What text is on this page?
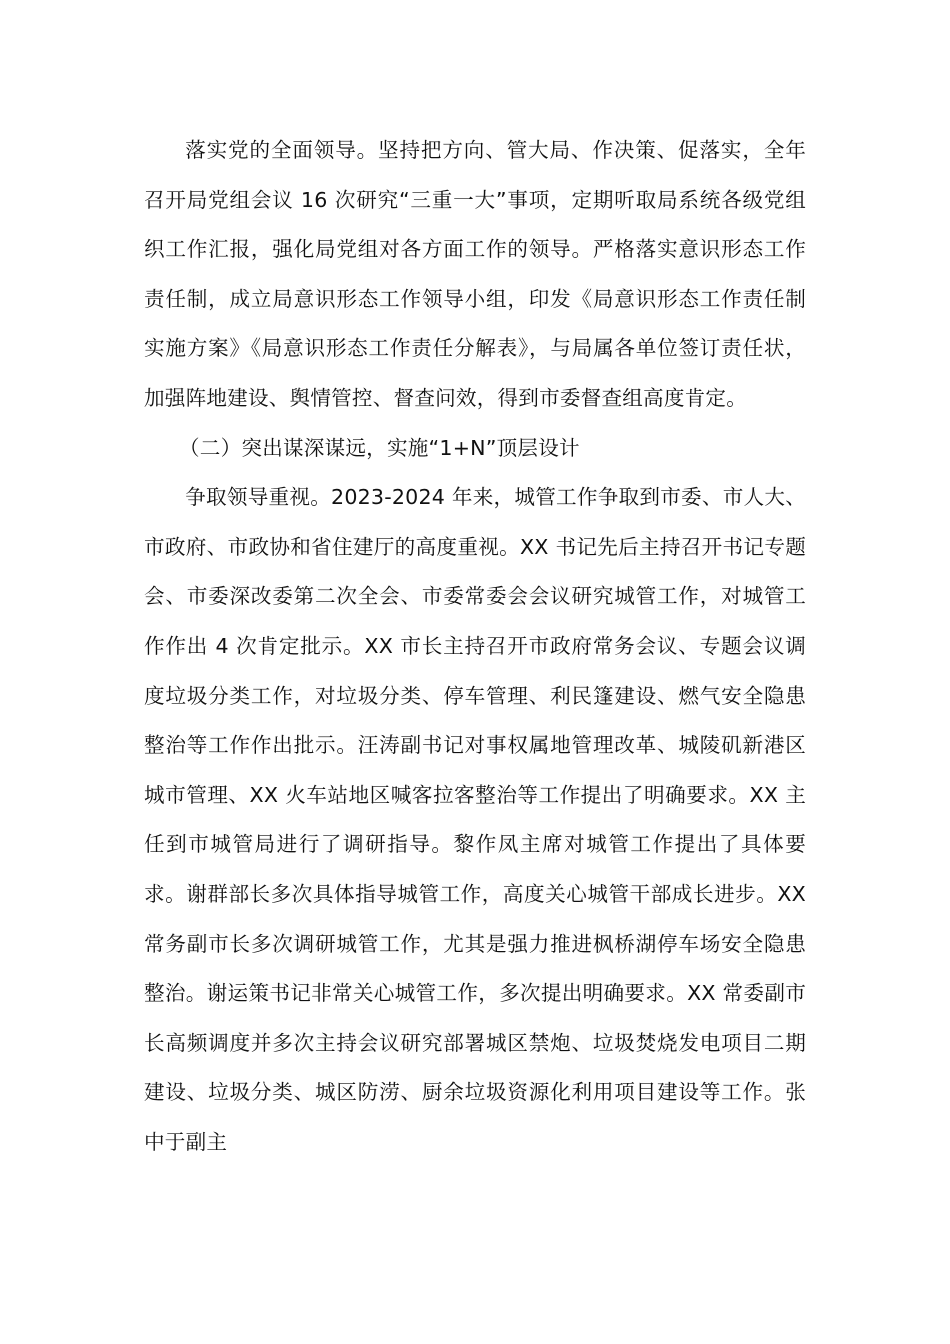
落实党的全面领导。坚持把方向、管大局、作决策、促落实，全年召开局党组会议 16 次研究“三重一大”事项，定期听取局系统各级党组织工作汇报，强化局党组对各方面工作的领导。严格落实意识形态工作责任制，成立局意识形态工作领导小组，印发《局意识形态工作责任制实施方案》《局意识形态工作责任分解表》，与局属各单位签订责任状，加强阵地建设、舆情管控、督查问效，得到市委督查组高度肯定。

（二）突出谋深谋远，实施“1+N”顶层设计

争取领导重视。2023-2024 年来，城管工作争取到市委、市人大、市政府、市政协和省住建厅的高度重视。XX 书记先后主持召开书记专题会、市委深改委第二次全会、市委常委会会议研究城管工作，对城管工作作出 4 次肯定批示。XX 市长主持召开市政府常务会议、专题会议调度垃圾分类工作，对垃圾分类、停车管理、利民篷建设、燃气安全隐患整治等工作作出批示。汪涛副书记对事权属地管理改革、城陵矶新港区城市管理、XX 火车站地区喊客拉客整治等工作提出了明确要求。XX 主任到市城管局进行了调研指导。黎作凤主席对城管工作提出了具体要求。谢群部长多次具体指导城管工作，高度关心城管干部成长进步。XX 常务副市长多次调研城管工作，尤其是强力推进枫桥湖停车场安全隐患整治。谢运策书记非常关心城管工作，多次提出明确要求。XX 常委副市长高频调度并多次主持会议研究部署城区禁炮、垃圾焚烧发电项目二期建设、垃圾分类、城区防涝、厨余垃圾资源化利用项目建设等工作。张中于副主
